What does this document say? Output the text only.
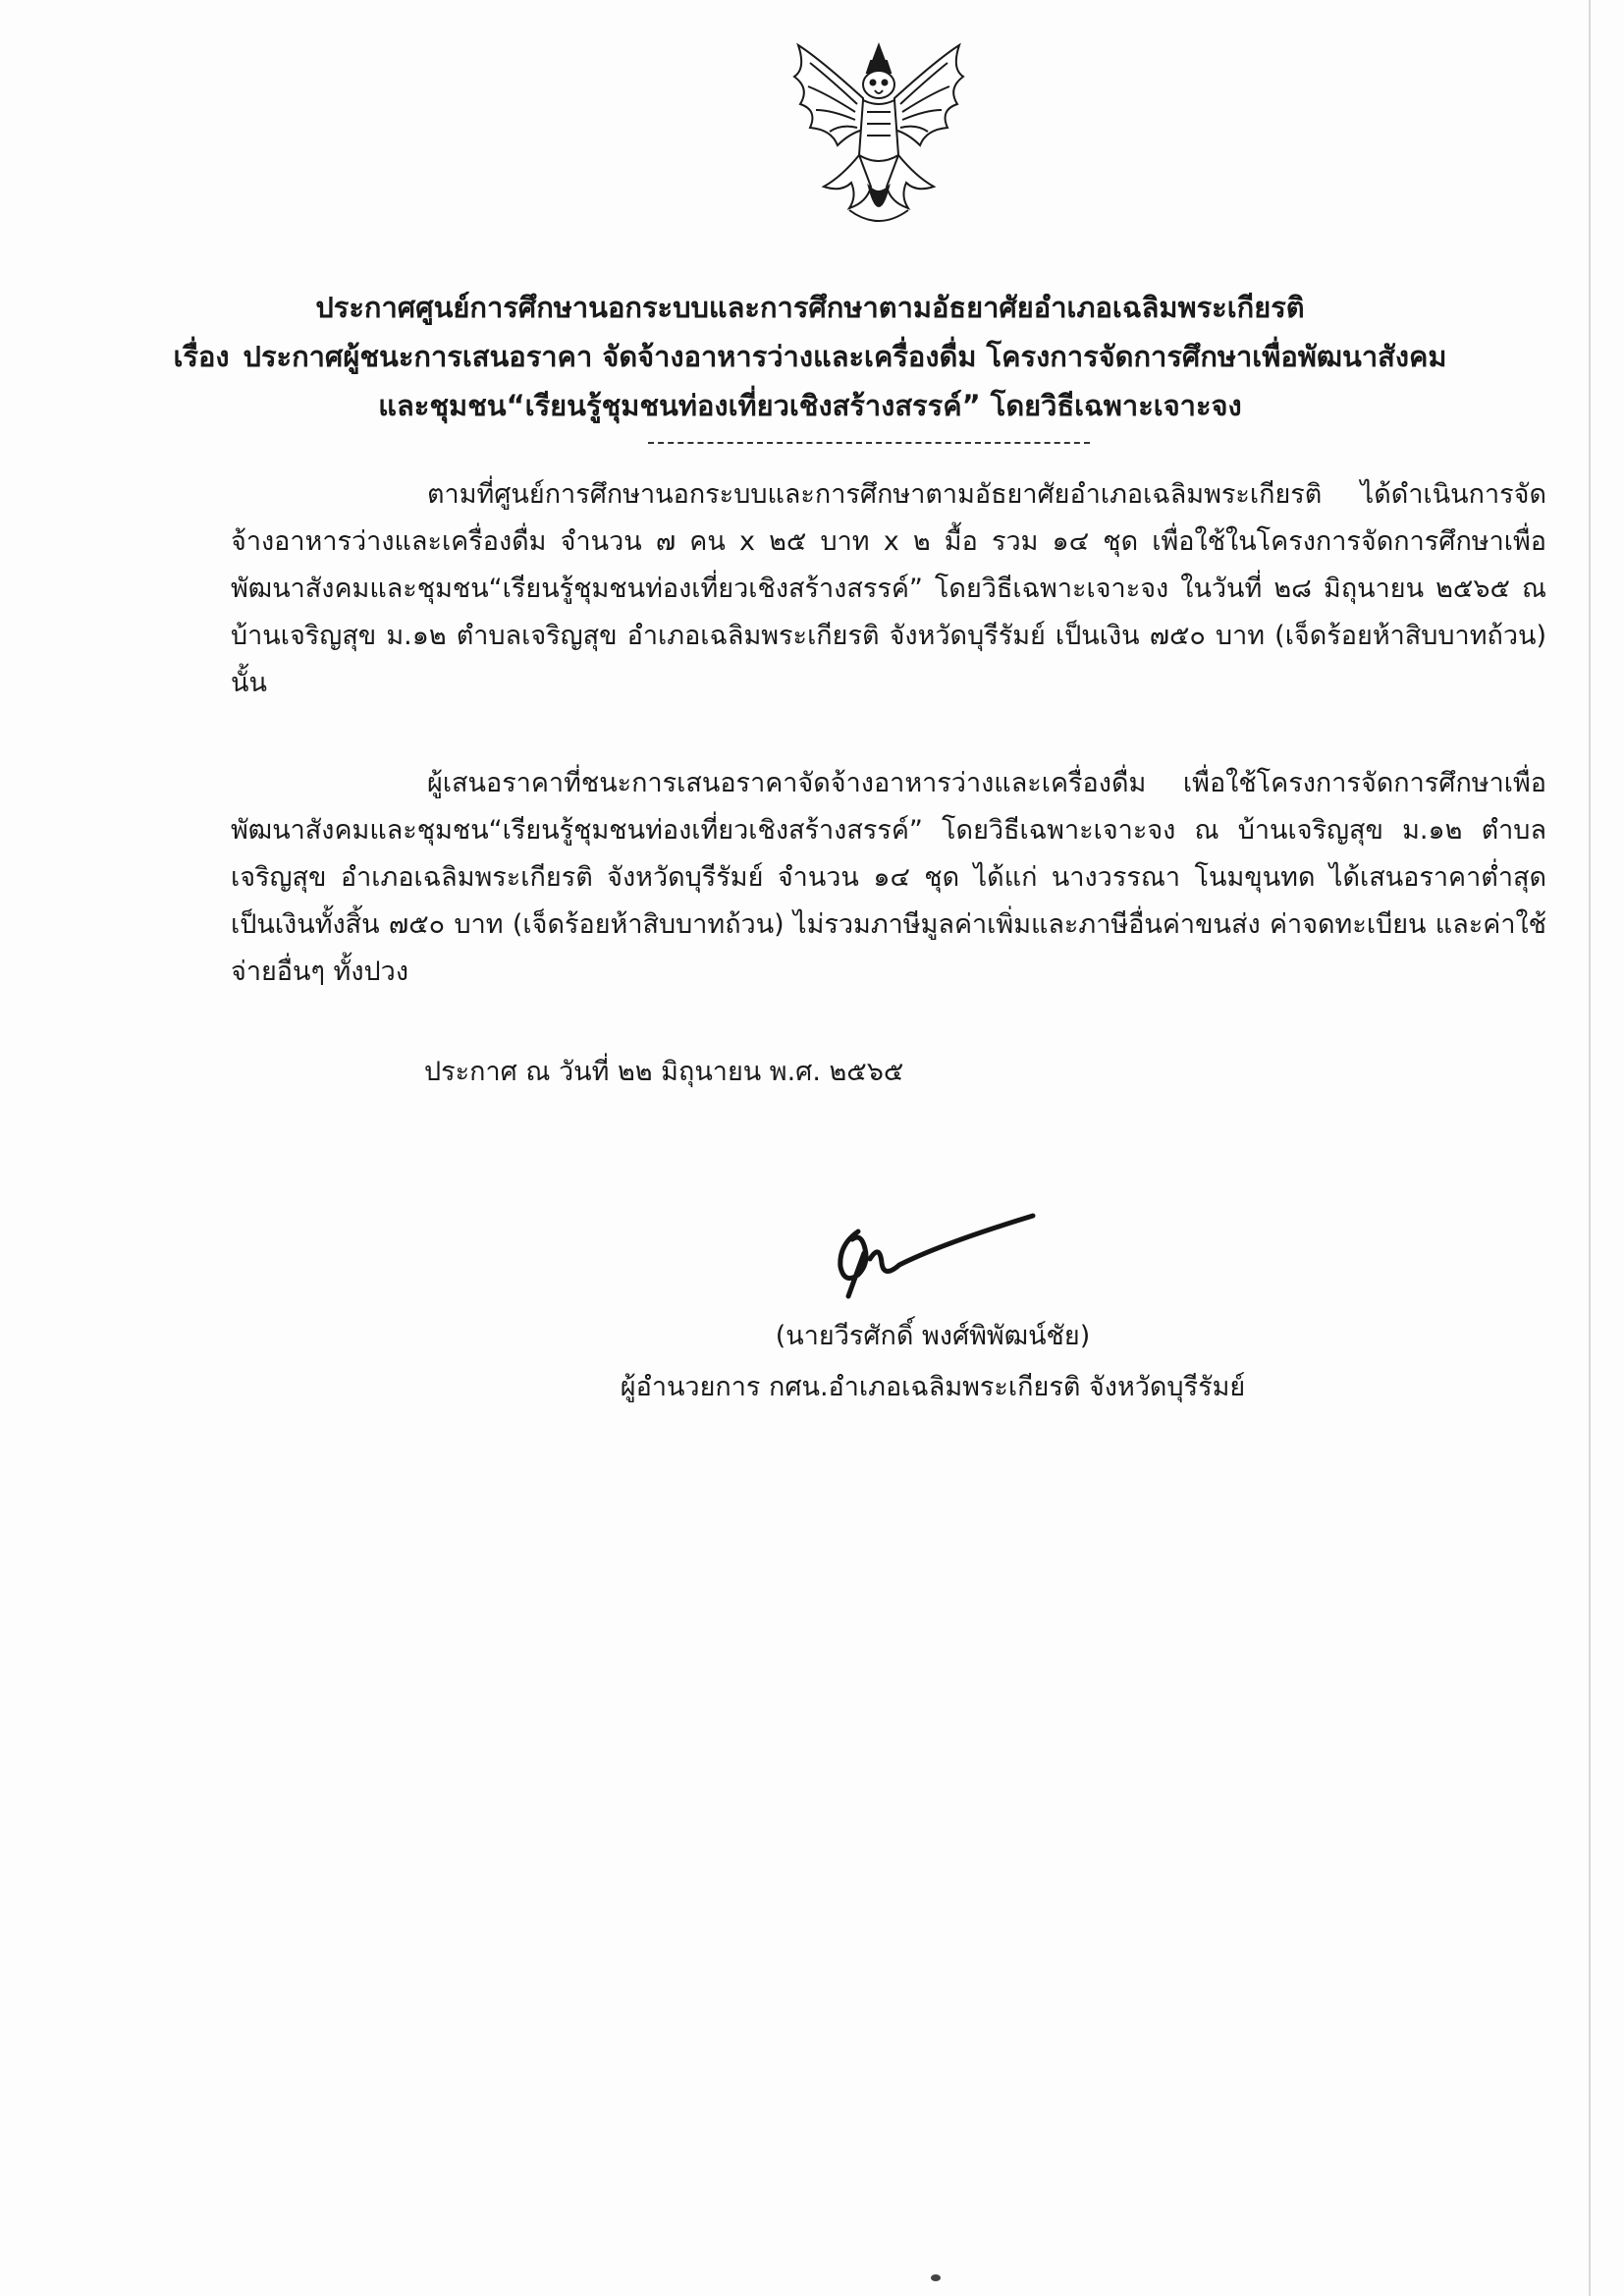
ประกาศศูนย์การศึกษานอกระบบและการศึกษาตามอัธยาศัยอำเภอเฉลิมพระเกียรติ
เรื่อง ประกาศผู้ชนะการเสนอราคา จัดจ้างอาหารว่างและเครื่องดื่ม โครงการจัดการศึกษาเพื่อพัฒนาสังคม
และชุมชน“เรียนรู้ชุมชนท่องเที่ยวเชิงสร้างสรรค์” โดยวิธีเฉพาะเจาะจง

ตามที่ศูนย์การศึกษานอกระบบและการศึกษาตามอัธยาศัยอำเภอเฉลิมพระเกียรติ ได้ดำเนินการจัดจ้างอาหารว่างและเครื่องดื่ม จำนวน ๗ คน x ๒๕ บาท x ๒ มื้อ รวม ๑๔ ชุด เพื่อใช้ในโครงการจัดการศึกษาเพื่อพัฒนาสังคมและชุมชน“เรียนรู้ชุมชนท่องเที่ยวเชิงสร้างสรรค์” โดยวิธีเฉพาะเจาะจง ในวันที่ ๒๘ มิถุนายน ๒๕๖๕ ณ บ้านเจริญสุข ม.๑๒ ตำบลเจริญสุข อำเภอเฉลิมพระเกียรติ จังหวัดบุรีรัมย์ เป็นเงิน ๗๕๐ บาท (เจ็ดร้อยห้าสิบบาทถ้วน) นั้น

ผู้เสนอราคาที่ชนะการเสนอราคาจัดจ้างอาหารว่างและเครื่องดื่ม เพื่อใช้โครงการจัดการศึกษาเพื่อพัฒนาสังคมและชุมชน“เรียนรู้ชุมชนท่องเที่ยวเชิงสร้างสรรค์” โดยวิธีเฉพาะเจาะจง ณ บ้านเจริญสุข ม.๑๒ ตำบลเจริญสุข อำเภอเฉลิมพระเกียรติ จังหวัดบุรีรัมย์ จำนวน ๑๔ ชุด ได้แก่ นางวรรณา โนมขุนทด ได้เสนอราคาต่ำสุด เป็นเงินทั้งสิ้น ๗๕๐ บาท (เจ็ดร้อยห้าสิบบาทถ้วน) ไม่รวมภาษีมูลค่าเพิ่มและภาษีอื่นค่าขนส่ง ค่าจดทะเบียน และค่าใช้จ่ายอื่นๆ ทั้งปวง

ประกาศ ณ วันที่ ๒๒ มิถุนายน พ.ศ. ๒๕๖๕
(นายวีรศักดิ์ พงศ์พิพัฒน์ชัย)
ผู้อำนวยการ กศน.อำเภอเฉลิมพระเกียรติ จังหวัดบุรีรัมย์
